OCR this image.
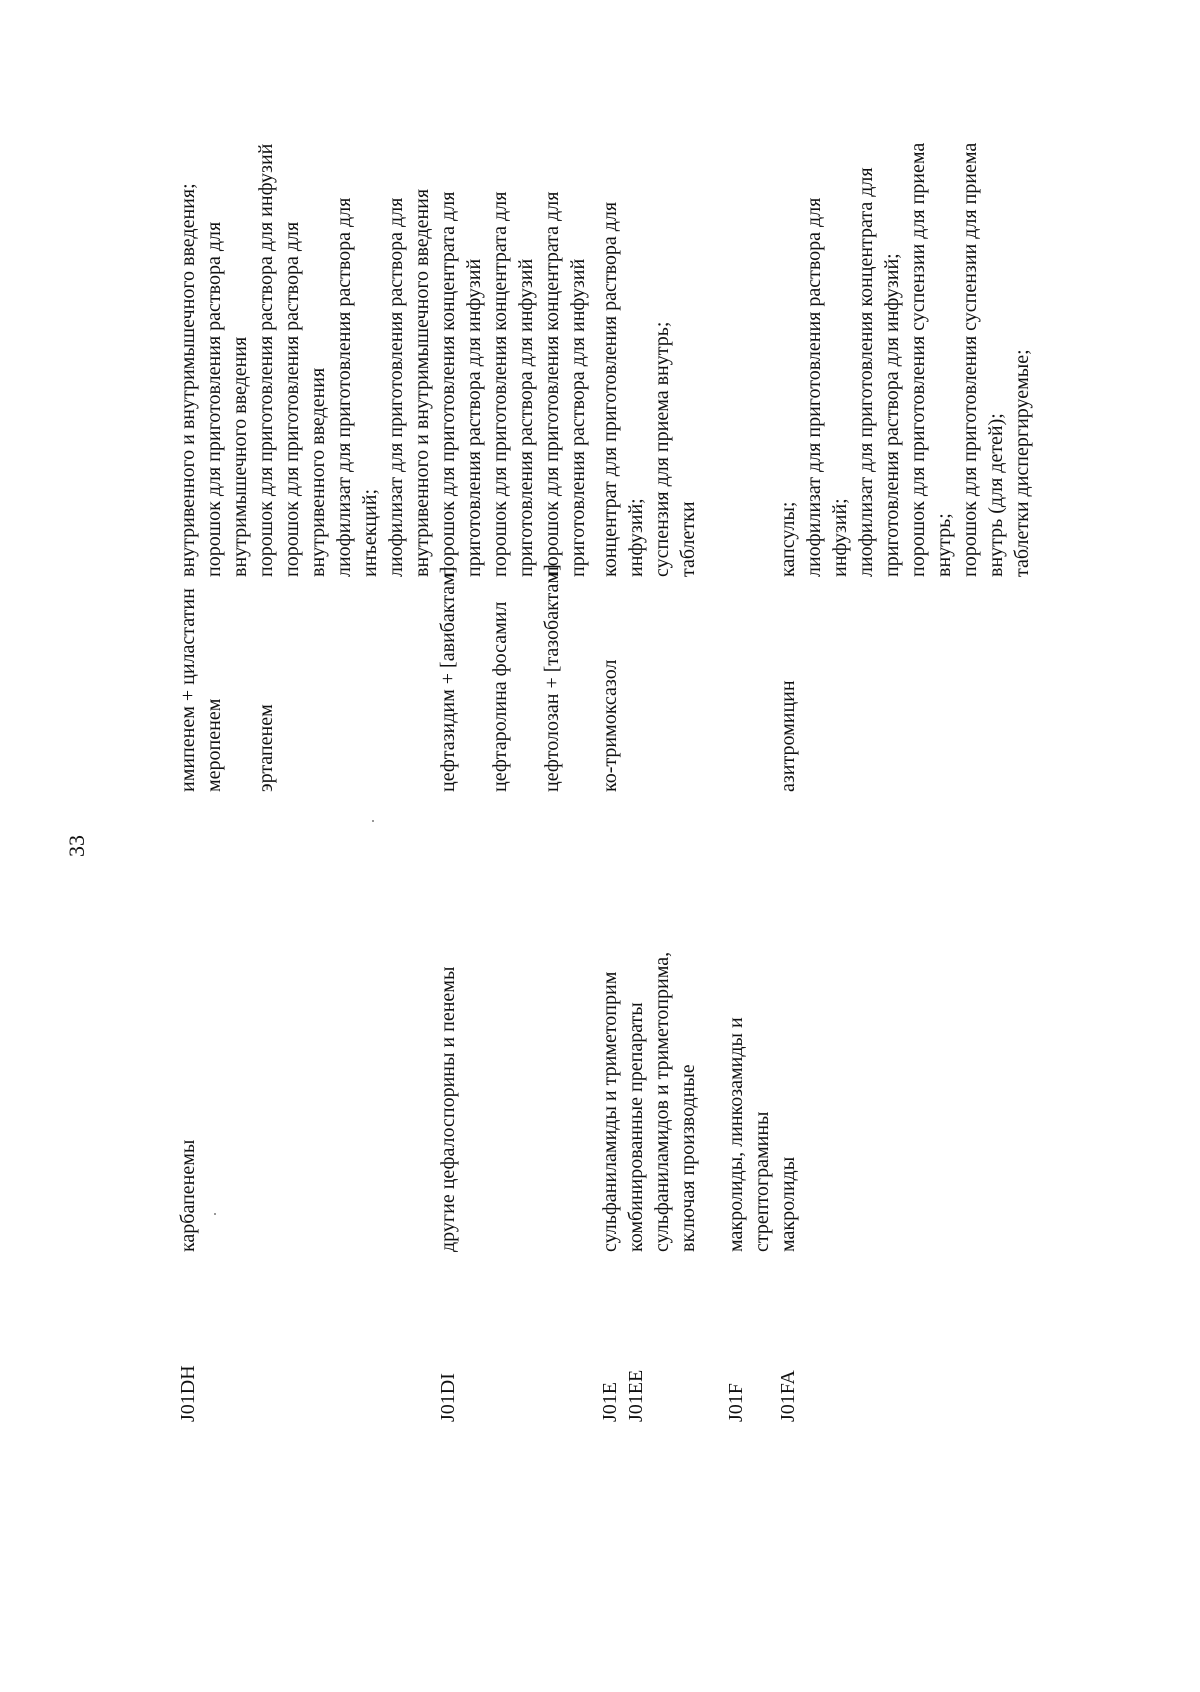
33
J01DH
карбапенемы
имипенем + циластатин меропенем эртапенем
внутривенного и внутримышечного введения; порошок для приготовления раствора для внутримышечного введения порошок для приготовления раствора для инфузий порошок для приготовления раствора для внутривенного введения лиофилизат для приготовления раствора для инъекций; лиофилизат для приготовления раствора для внутривенного и внутримышечного введения
J01DI
другие цефалоспорины и пенемы
цефтазидим + [авибактам] цефтаролина фосамил цефтолозан + [тазобактам]
порошок для приготовления концентрата для приготовления раствора для инфузий порошок для приготовления концентрата для приготовления раствора для инфузий порошок для приготовления концентрата для приготовления раствора для инфузий
J01E J01EE
сульфаниламиды и триметоприм комбинированные препараты сульфаниламидов и триметоприма, включая производные
ко-тримоксазол
концентрат для приготовления раствора для инфузий; суспензия для приема внутрь; таблетки
J01F J01FA
макролиды, линкозамиды и стрептограмины макролиды
азитромицин
капсулы; лиофилизат для приготовления раствора для инфузий; лиофилизат для приготовления концентрата для приготовления раствора для инфузий; порошок для приготовления суспензии для приема внутрь; порошок для приготовления суспензии для приема внутрь (для детей); таблетки диспергируемые;
